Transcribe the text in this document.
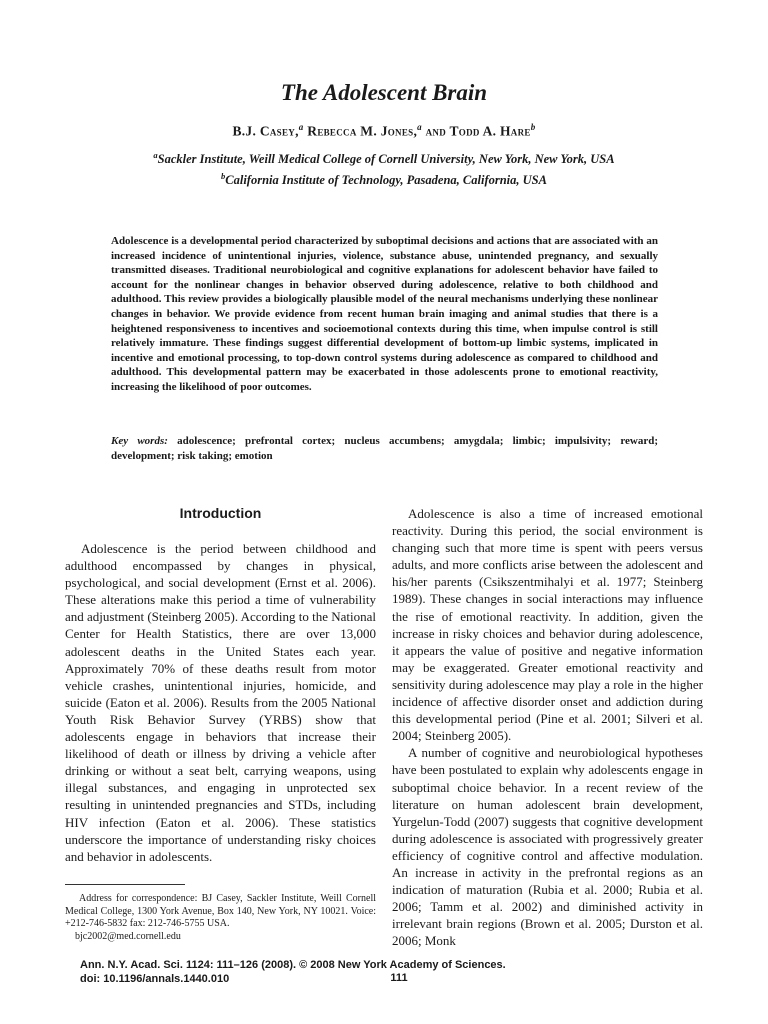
The Adolescent Brain
B.J. Casey,$^a$ Rebecca M. Jones,$^a$ and Todd A. Hare$^b$
$^a$Sackler Institute, Weill Medical College of Cornell University, New York, New York, USA
$^b$California Institute of Technology, Pasadena, California, USA
Adolescence is a developmental period characterized by suboptimal decisions and actions that are associated with an increased incidence of unintentional injuries, violence, substance abuse, unintended pregnancy, and sexually transmitted diseases. Traditional neurobiological and cognitive explanations for adolescent behavior have failed to account for the nonlinear changes in behavior observed during adolescence, relative to both childhood and adulthood. This review provides a biologically plausible model of the neural mechanisms underlying these nonlinear changes in behavior. We provide evidence from recent human brain imaging and animal studies that there is a heightened responsiveness to incentives and socioemotional contexts during this time, when impulse control is still relatively immature. These findings suggest differential development of bottom-up limbic systems, implicated in incentive and emotional processing, to top-down control systems during adolescence as compared to childhood and adulthood. This developmental pattern may be exacerbated in those adolescents prone to emotional reactivity, increasing the likelihood of poor outcomes.
Key words: adolescence; prefrontal cortex; nucleus accumbens; amygdala; limbic; impulsivity; reward; development; risk taking; emotion
Introduction

Adolescence is the period between childhood and adulthood encompassed by changes in physical, psychological, and social development (Ernst et al. 2006). These alterations make this period a time of vulnerability and adjustment (Steinberg 2005). According to the National Center for Health Statistics, there are over 13,000 adolescent deaths in the United States each year. Approximately 70% of these deaths result from motor vehicle crashes, unintentional injuries, homicide, and suicide (Eaton et al. 2006). Results from the 2005 National Youth Risk Behavior Survey (YRBS) show that adolescents engage in behaviors that increase their likelihood of death or illness by driving a vehicle after drinking or without a seat belt, carrying weapons, using illegal substances, and engaging in unprotected sex resulting in unintended pregnancies and STDs, including HIV infection (Eaton et al. 2006). These statistics underscore the importance of understanding risky choices and behavior in adolescents.

Adolescence is also a time of increased emotional reactivity. During this period, the social environment is changing such that more time is spent with peers versus adults, and more conflicts arise between the adolescent and his/her parents (Csikszentmihalyi et al. 1977; Steinberg 1989). These changes in social interactions may influence the rise of emotional reactivity. In addition, given the increase in risky choices and behavior during adolescence, it appears the value of positive and negative information may be exaggerated. Greater emotional reactivity and sensitivity during adolescence may play a role in the higher incidence of affective disorder onset and addiction during this developmental period (Pine et al. 2001; Silveri et al. 2004; Steinberg 2005).

A number of cognitive and neurobiological hypotheses have been postulated to explain why adolescents engage in suboptimal choice behavior. In a recent review of the literature on human adolescent brain development, Yurgelun-Todd (2007) suggests that cognitive development during adolescence is associated with progressively greater efficiency of cognitive control and affective modulation. An increase in activity in the prefrontal regions as an indication of maturation (Rubia et al. 2000; Rubia et al. 2006; Tamm et al. 2002) and diminished activity in irrelevant brain regions (Brown et al. 2005; Durston et al. 2006; Monk

Address for correspondence: BJ Casey, Sackler Institute, Weill Cornell Medical College, 1300 York Avenue, Box 140, New York, NY 10021. Voice: +212-746-5832 fax: 212-746-5755 USA.

bjc2002@med.cornell.edu
Ann. N.Y. Acad. Sci. 1124: 111–126 (2008). © 2008 New York Academy of Sciences.
doi: 10.1196/annals.1440.010	111
